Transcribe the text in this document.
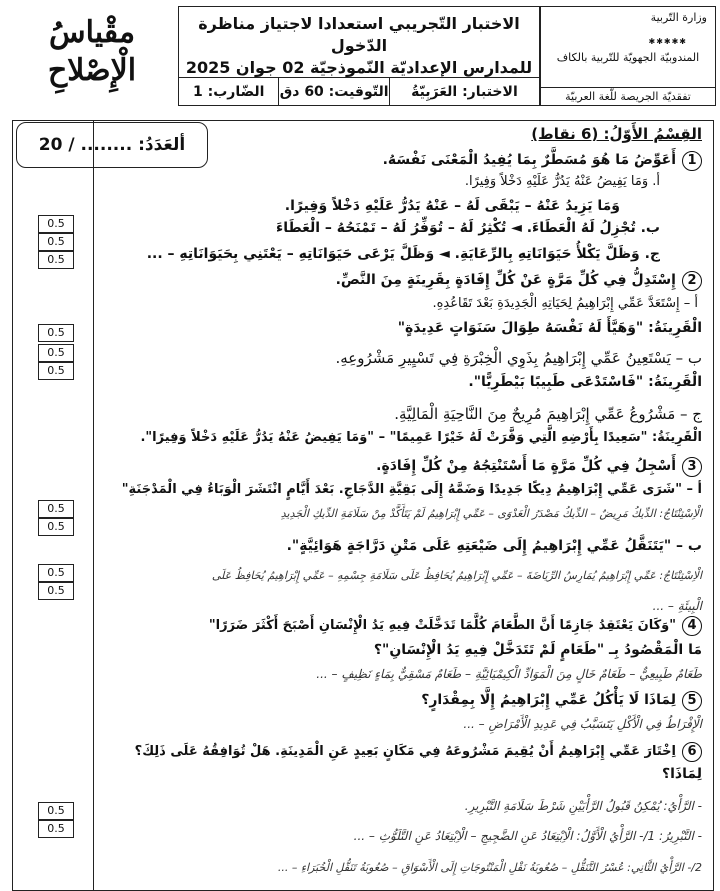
مقْياسُ
الْإِصْلاحِ
الاختبار التّجريبي استعدادا لاجتياز مناظرة الدّخول
للمدارس الإعداديّة النّموذجيّة 02 جوان 2025
الاختبار: العَرَبِيّةُ
التّوقيت: 60 دق
الضّارب: 1
وزارة التّربية
✱✱✱✱✱
المندوبيّة الجهويّة للتّربية بالكاف
تفقديّة الجريصة للّغة العربيّة
ألعَدَدُ: ........ / 20
0.5
0.5
0.5
0.5
0.5
0.5
0.5
0.5
0.5
0.5
0.5
0.5
القِسْمُ الأَوّلُ: (6 نقاط)
1أَعَوِّضُ مَا هُوَ مُسَطَّرٌ بِمَا يُفِيدُ الْمَعْنَى نَفْسَهُ.
أ. وَمَا يَفِيضُ عَنْهُ يَدُرُّ عَلَيْهِ دَخْلاً وَفِيرًا.
وَمَا يَزِيدُ عَنْهُ – يَبْقَى لَهُ – عَنْهُ يَدُرُّ عَلَيْهِ دَخْلاً وَفِيرًا.
ب. تُجْزِلُ لَهُ الْعَطَاءَ. ◄ تُكْثِرُ لَهُ – تُوَفِّرُ لَهُ – تَمْنَحُهُ – الْعَطَاءَ
ج. وَظَلَّ يَكْلأُ حَيَوَانَاتِهِ بِالرِّعَايَةِ. ◄ وَظَلَّ يَرْعَى حَيَوَانَاتِهِ – يَعْتَنِي بِحَيَوَانَاتِهِ – ...
2إِسْتَدِلُّ فِي كُلِّ مَرَّةٍ عَنْ كُلِّ إِفَادَةٍ بِقَرِينَةٍ مِنَ النَّصِّ.
أ – إِسْتَعَدَّ عَمِّي إِبْرَاهِيمُ لِحَيَاتِهِ الْجَدِيدَةِ بَعْدَ تَقَاعُدِهِ.
الْقَرِينَةُ: "وَهَيَّأَ لَهُ نَفْسَهُ طِوَالَ سَنَوَاتٍ عَدِيدَةٍ"
ب – يَسْتَعِينُ عَمِّي إِبْرَاهِيمُ بِذَوِي الْخِبْرَةِ فِي تَسْيِيرِ مَشْرُوعِهِ.
الْقَرِينَةُ: "فَاسْتَدْعَى طَبِيبًا بَيْطَرِيًّا".
ج – مَشْرُوعُ عَمِّي إِبْرَاهِيمَ مُرِيحٌ مِنَ النَّاحِيَةِ الْمَالِيَّةِ.
الْقَرِينَةُ: "سَعِيدًا بِأَرْضِهِ الَّتِي وَفَّرَتْ لَهُ خَيْرًا عَمِيمًا" – "وَمَا يَفِيضُ عَنْهُ يَدُرُّ عَلَيْهِ دَخْلاً وَفِيرًا".
3أَسْجِلُ فِي كُلِّ مَرَّةٍ مَا أَسْتَنْتِجُهُ مِنْ كُلِّ إِفَادَةٍ.
أ – "شَرَى عَمِّي إِبْرَاهِيمُ دِيكًا جَدِيدًا وَضَمَّهُ إِلَى بَقِيَّةِ الدَّجَاجِ. بَعْدَ أَيَّامٍ انْتَشَرَ الْوَبَاءُ فِي الْمَدْجَنَةِ"
الْاِسْتِنْتَاجُ: الدِّيكُ مَرِيضٌ – الدِّيكُ مَصْدَرُ الْعَدْوَى – عَمِّي إِبْرَاهِيمُ لَمْ يَتَأَكَّدْ مِنْ سَلَامَةِ الدِّيكِ الْجَدِيدِ
ب – "يَتَنَقَّلُ عَمِّي إِبْرَاهِيمُ إِلَى ضَيْعَتِهِ عَلَى مَتْنِ دَرَّاجَةٍ هَوَائِيَّةٍ".
الْاِسْتِنْتَاجُ: عَمِّي إِبْرَاهِيمُ يُمَارِسُ الرِّيَاضَةَ – عَمِّي إِبْرَاهِيمُ يُحَافِظُ عَلَى سَلَامَةِ جِسْمِهِ – عَمِّي إِبْرَاهِيمُ يُحَافِظُ عَلَى
الْبِيئَةِ – ...
4"وَكَانَ يَعْتَقِدُ جَازِمًا أَنَّ الطَّعَامَ كُلَّمَا تَدَخَّلَتْ فِيهِ يَدُ الْإِنْسَانِ أَصْبَحَ أَكْثَرَ ضَرَرًا"
مَا الْمَقْصُودُ بِـ "طَعَامٍ لَمْ تَتَدَخَّلْ فِيهِ يَدُ الْإِنْسَانِ"؟
طَعَامٌ طَبِيعِيٌّ – طَعَامٌ خَالٍ مِنَ الْمَوَادِّ الْكِيمْيَائِيَّةِ – طَعَامٌ مَسْقِيٌّ بِمَاءٍ نَظِيفٍ – ...
5لِمَاذَا لَا يَأْكُلُ عَمِّي إِبْرَاهِيمُ إِلَّا بِمِقْدَارٍ؟
الْإِفْرَاطُ فِي الْأَكْلِ يَتَسَبَّبُ فِي عَدِيدِ الْأَمْرَاضِ – ...
6اِخْتَارَ عَمِّي إِبْرَاهِيمُ أَنْ يُقِيمَ مَشْرُوعَهُ فِي مَكَانٍ بَعِيدٍ عَنِ الْمَدِينَةِ. هَلْ تُوَافِقُهُ عَلَى ذَلِكَ؟
لِمَاذَا؟
- الرَّأْيُ: يُمْكِنُ قَبُولُ الرَّأْيَيْنِ شَرْطَ سَلَامَةِ التَّبْرِيرِ.
- التَّبْرِيرُ: 1/- الرَّأْيُ الْأَوَّلُ: الْاِبْتِعَادُ عَنِ الضَّجِيجِ – الْاِبْتِعَادُ عَنِ التَّلَوُّثِ – ...
2/- الرَّأْيُ الثَّانِي: عُسْرُ التَّنَقُّلِ – صُعُوبَةُ نَقْلِ الْمَنْتُوجَاتِ إِلَى الْأَسْوَاقِ – صُعُوبَةُ تَنَقُّلِ الْخُبَرَاءِ – ...
